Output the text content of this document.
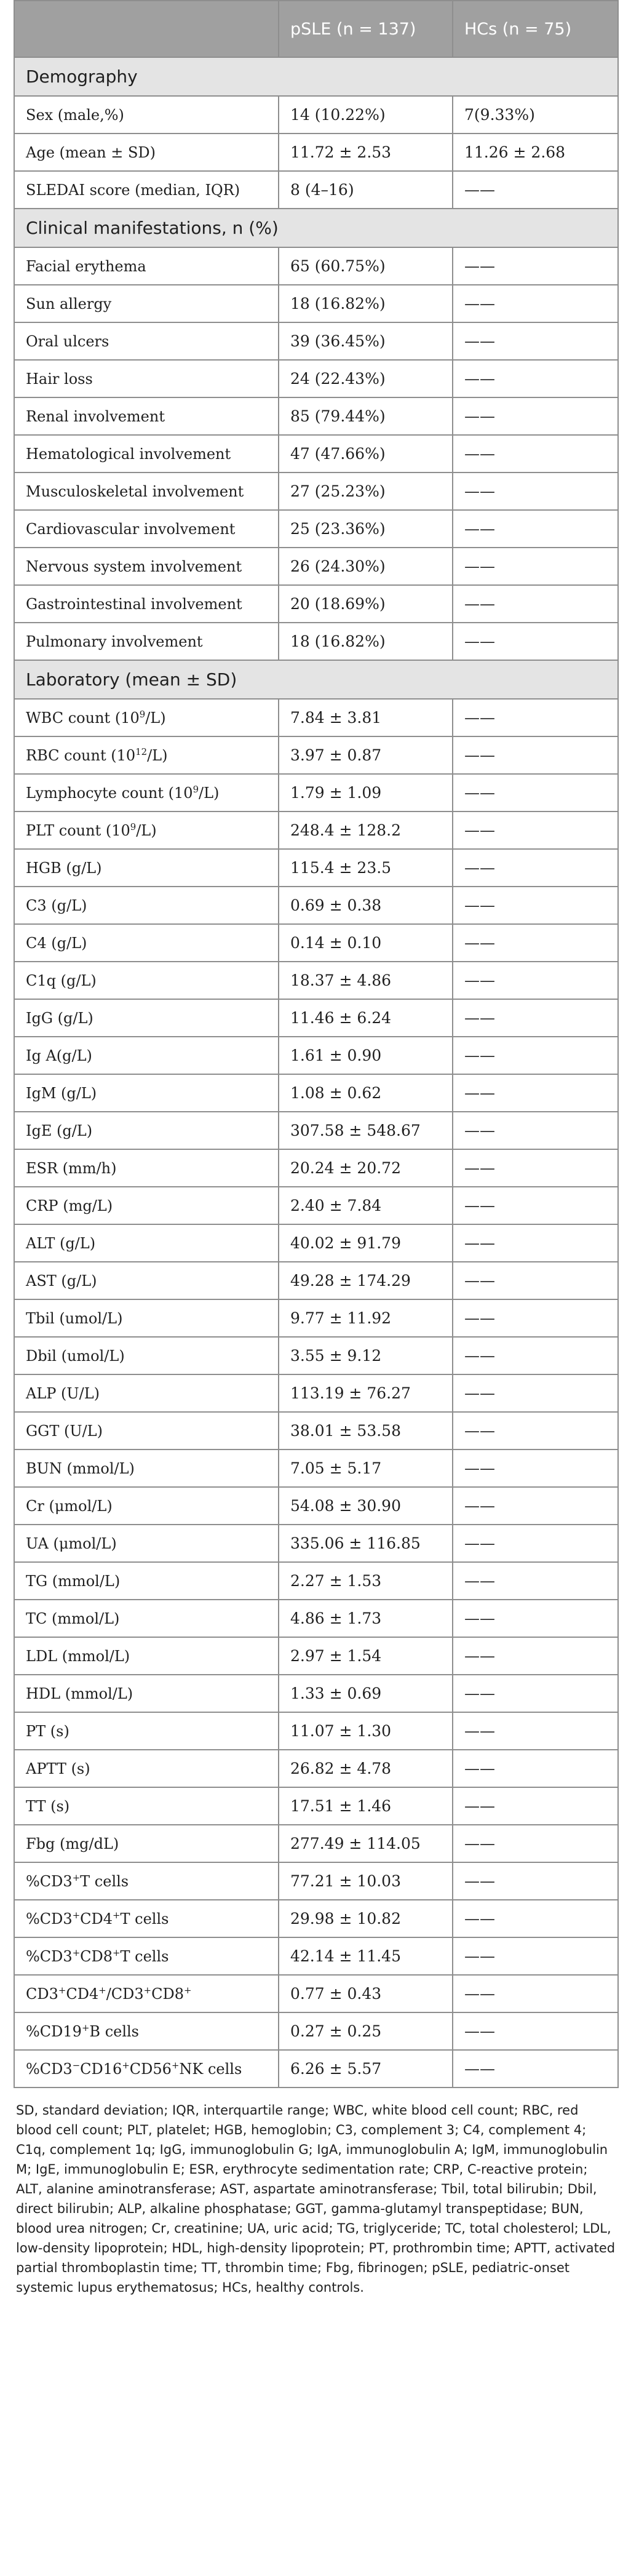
	pSLE (n = 137)	HCs (n = 75)
Demography		
Sex (male,%)	14 (10.22%)	7(9.33%)
Age (mean ± SD)	11.72 ± 2.53	11.26 ± 2.68
SLEDAI score (median, IQR)	8 (4–16)	——
Clinical manifestations, n (%)		
Facial erythema	65 (60.75%)	——
Sun allergy	18 (16.82%)	——
Oral ulcers	39 (36.45%)	——
Hair loss	24 (22.43%)	——
Renal involvement	85 (79.44%)	——
Hematological involvement	47 (47.66%)	——
Musculoskeletal involvement	27 (25.23%)	——
Cardiovascular involvement	25 (23.36%)	——
Nervous system involvement	26 (24.30%)	——
Gastrointestinal involvement	20 (18.69%)	——
Pulmonary involvement	18 (16.82%)	——
Laboratory (mean ± SD)		
WBC count $(10^9/L)$	7.84 ± 3.81	——
RBC count $(10^{12}/L)$	3.97 ± 0.87	——
Lymphocyte count $(10^9/L)$	1.79 ± 1.09	——
PLT count $(10^9/L)$	248.4 ± 128.2	——
HGB (g/L)	115.4 ± 23.5	——
C3 (g/L)	0.69 ± 0.38	——
C4 (g/L)	0.14 ± 0.10	——
C1q (g/L)	18.37 ± 4.86	——
IgG (g/L)	11.46 ± 6.24	——
Ig A(g/L)	1.61 ± 0.90	——
IgM (g/L)	1.08 ± 0.62	——
IgE (g/L)	307.58 ± 548.67	——
ESR (mm/h)	20.24 ± 20.72	——
CRP (mg/L)	2.40 ± 7.84	——
ALT (g/L)	40.02 ± 91.79	——
AST (g/L)	49.28 ± 174.29	——
Tbil (umol/L)	9.77 ± 11.92	——
Dbil (umol/L)	3.55 ± 9.12	——
ALP (U/L)	113.19 ± 76.27	——
GGT (U/L)	38.01 ± 53.58	——
BUN (mmol/L)	7.05 ± 5.17	——
Cr (μmol/L)	54.08 ± 30.90	——
UA (μmol/L)	335.06 ± 116.85	——
TG (mmol/L)	2.27 ± 1.53	——
TC (mmol/L)	4.86 ± 1.73	——
LDL (mmol/L)	2.97 ± 1.54	——
HDL (mmol/L)	1.33 ± 0.69	——
PT (s)	11.07 ± 1.30	——
APTT (s)	26.82 ± 4.78	——
TT (s)	17.51 ± 1.46	——
Fbg (mg/dL)	277.49 ± 114.05	——
%CD3+T cells	77.21 ± 10.03	——
%CD3+CD4+T cells	29.98 ± 10.82	——
%CD3+CD8+T cells	42.14 ± 11.45	——
CD3+CD4+/CD3+CD8+	0.77 ± 0.43	——
%CD19+B cells	0.27 ± 0.25	——
%CD3−CD16+CD56+NK cells	6.26 ± 5.57	——
SD, standard deviation; IQR, interquartile range; WBC, white blood cell count; RBC, red blood cell count; PLT, platelet; HGB, hemoglobin; C3, complement 3; C4, complement 4; C1q, complement 1q; IgG, immunoglobulin G; IgA, immunoglobulin A; IgM, immunoglobulin M; IgE, immunoglobulin E; ESR, erythrocyte sedimentation rate; CRP, C-reactive protein; ALT, alanine aminotransferase; AST, aspartate aminotransferase; Tbil, total bilirubin; Dbil, direct bilirubin; ALP, alkaline phosphatase; GGT, gamma-glutamyl transpeptidase; BUN, blood urea nitrogen; Cr, creatinine; UA, uric acid; TG, triglyceride; TC, total cholesterol; LDL, low-density lipoprotein; HDL, high-density lipoprotein; PT, prothrombin time; APTT, activated partial thromboplastin time; TT, thrombin time; Fbg, fibrinogen; pSLE, pediatric-onset systemic lupus erythematosus; HCs, healthy controls.
